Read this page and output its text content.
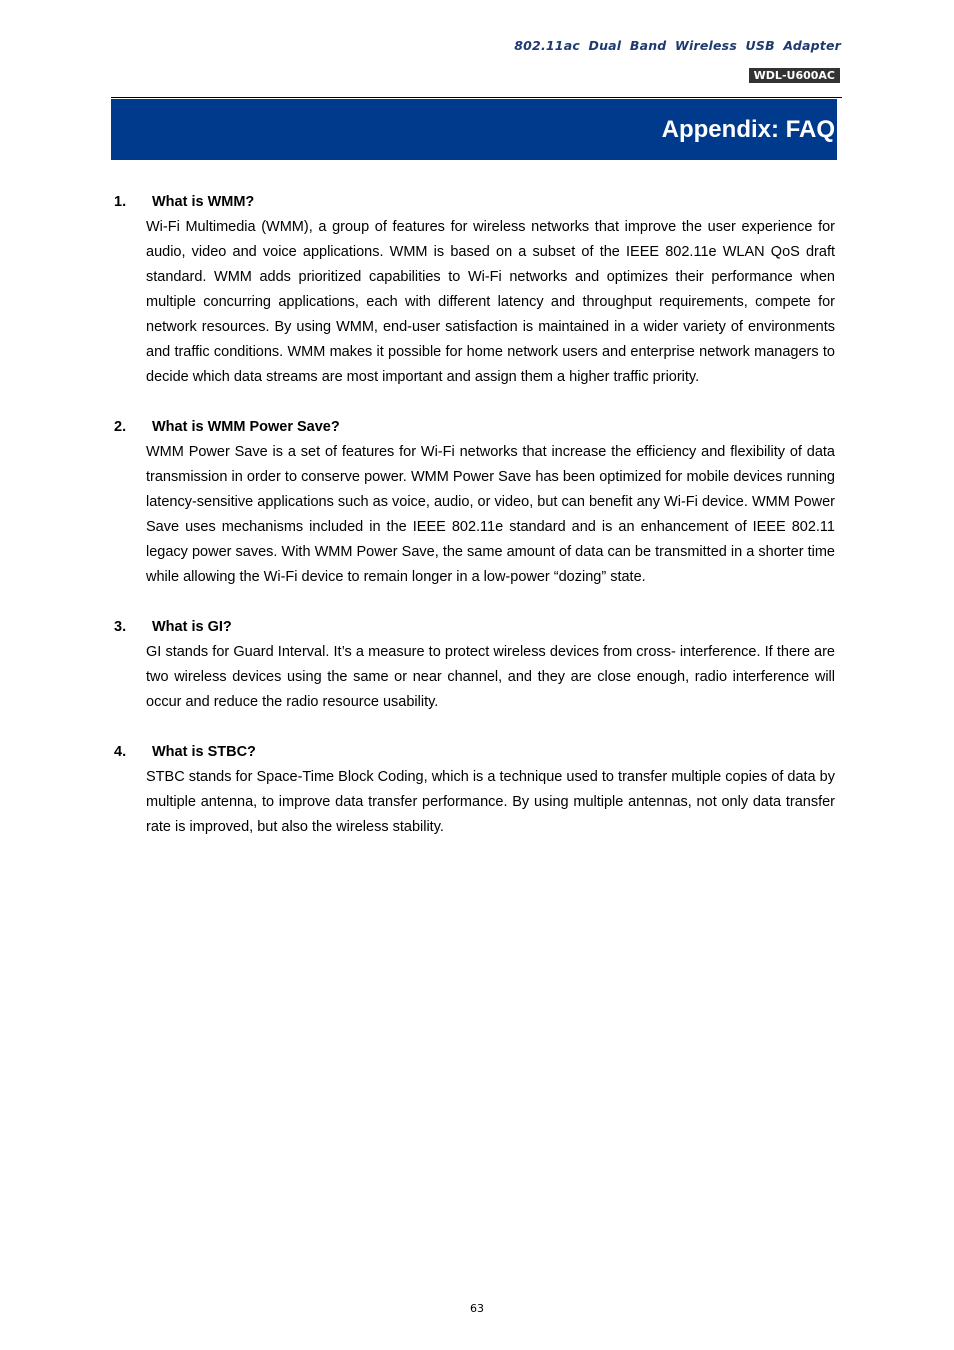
802.11ac Dual Band Wireless USB Adapter
WDL-U600AC
Appendix: FAQ
1.	What is WMM?
Wi-Fi Multimedia (WMM), a group of features for wireless networks that improve the user experience for audio, video and voice applications. WMM is based on a subset of the IEEE 802.11e WLAN QoS draft standard. WMM adds prioritized capabilities to Wi-Fi networks and optimizes their performance when multiple concurring applications, each with different latency and throughput requirements, compete for network resources. By using WMM, end-user satisfaction is maintained in a wider variety of environments and traffic conditions. WMM makes it possible for home network users and enterprise network managers to decide which data streams are most important and assign them a higher traffic priority.
2.	What is WMM Power Save?
WMM Power Save is a set of features for Wi-Fi networks that increase the efficiency and flexibility of data transmission in order to conserve power. WMM Power Save has been optimized for mobile devices running latency-sensitive applications such as voice, audio, or video, but can benefit any Wi-Fi device. WMM Power Save uses mechanisms included in the IEEE 802.11e standard and is an enhancement of IEEE 802.11 legacy power saves. With WMM Power Save, the same amount of data can be transmitted in a shorter time while allowing the Wi-Fi device to remain longer in a low-power “dozing” state.
3.	What is GI?
GI stands for Guard Interval. It’s a measure to protect wireless devices from cross- interference. If there are two wireless devices using the same or near channel, and they are close enough, radio interference will occur and reduce the radio resource usability.
4.	What is STBC?
STBC stands for Space-Time Block Coding, which is a technique used to transfer multiple copies of data by multiple antenna, to improve data transfer performance. By using multiple antennas, not only data transfer rate is improved, but also the wireless stability.
63
